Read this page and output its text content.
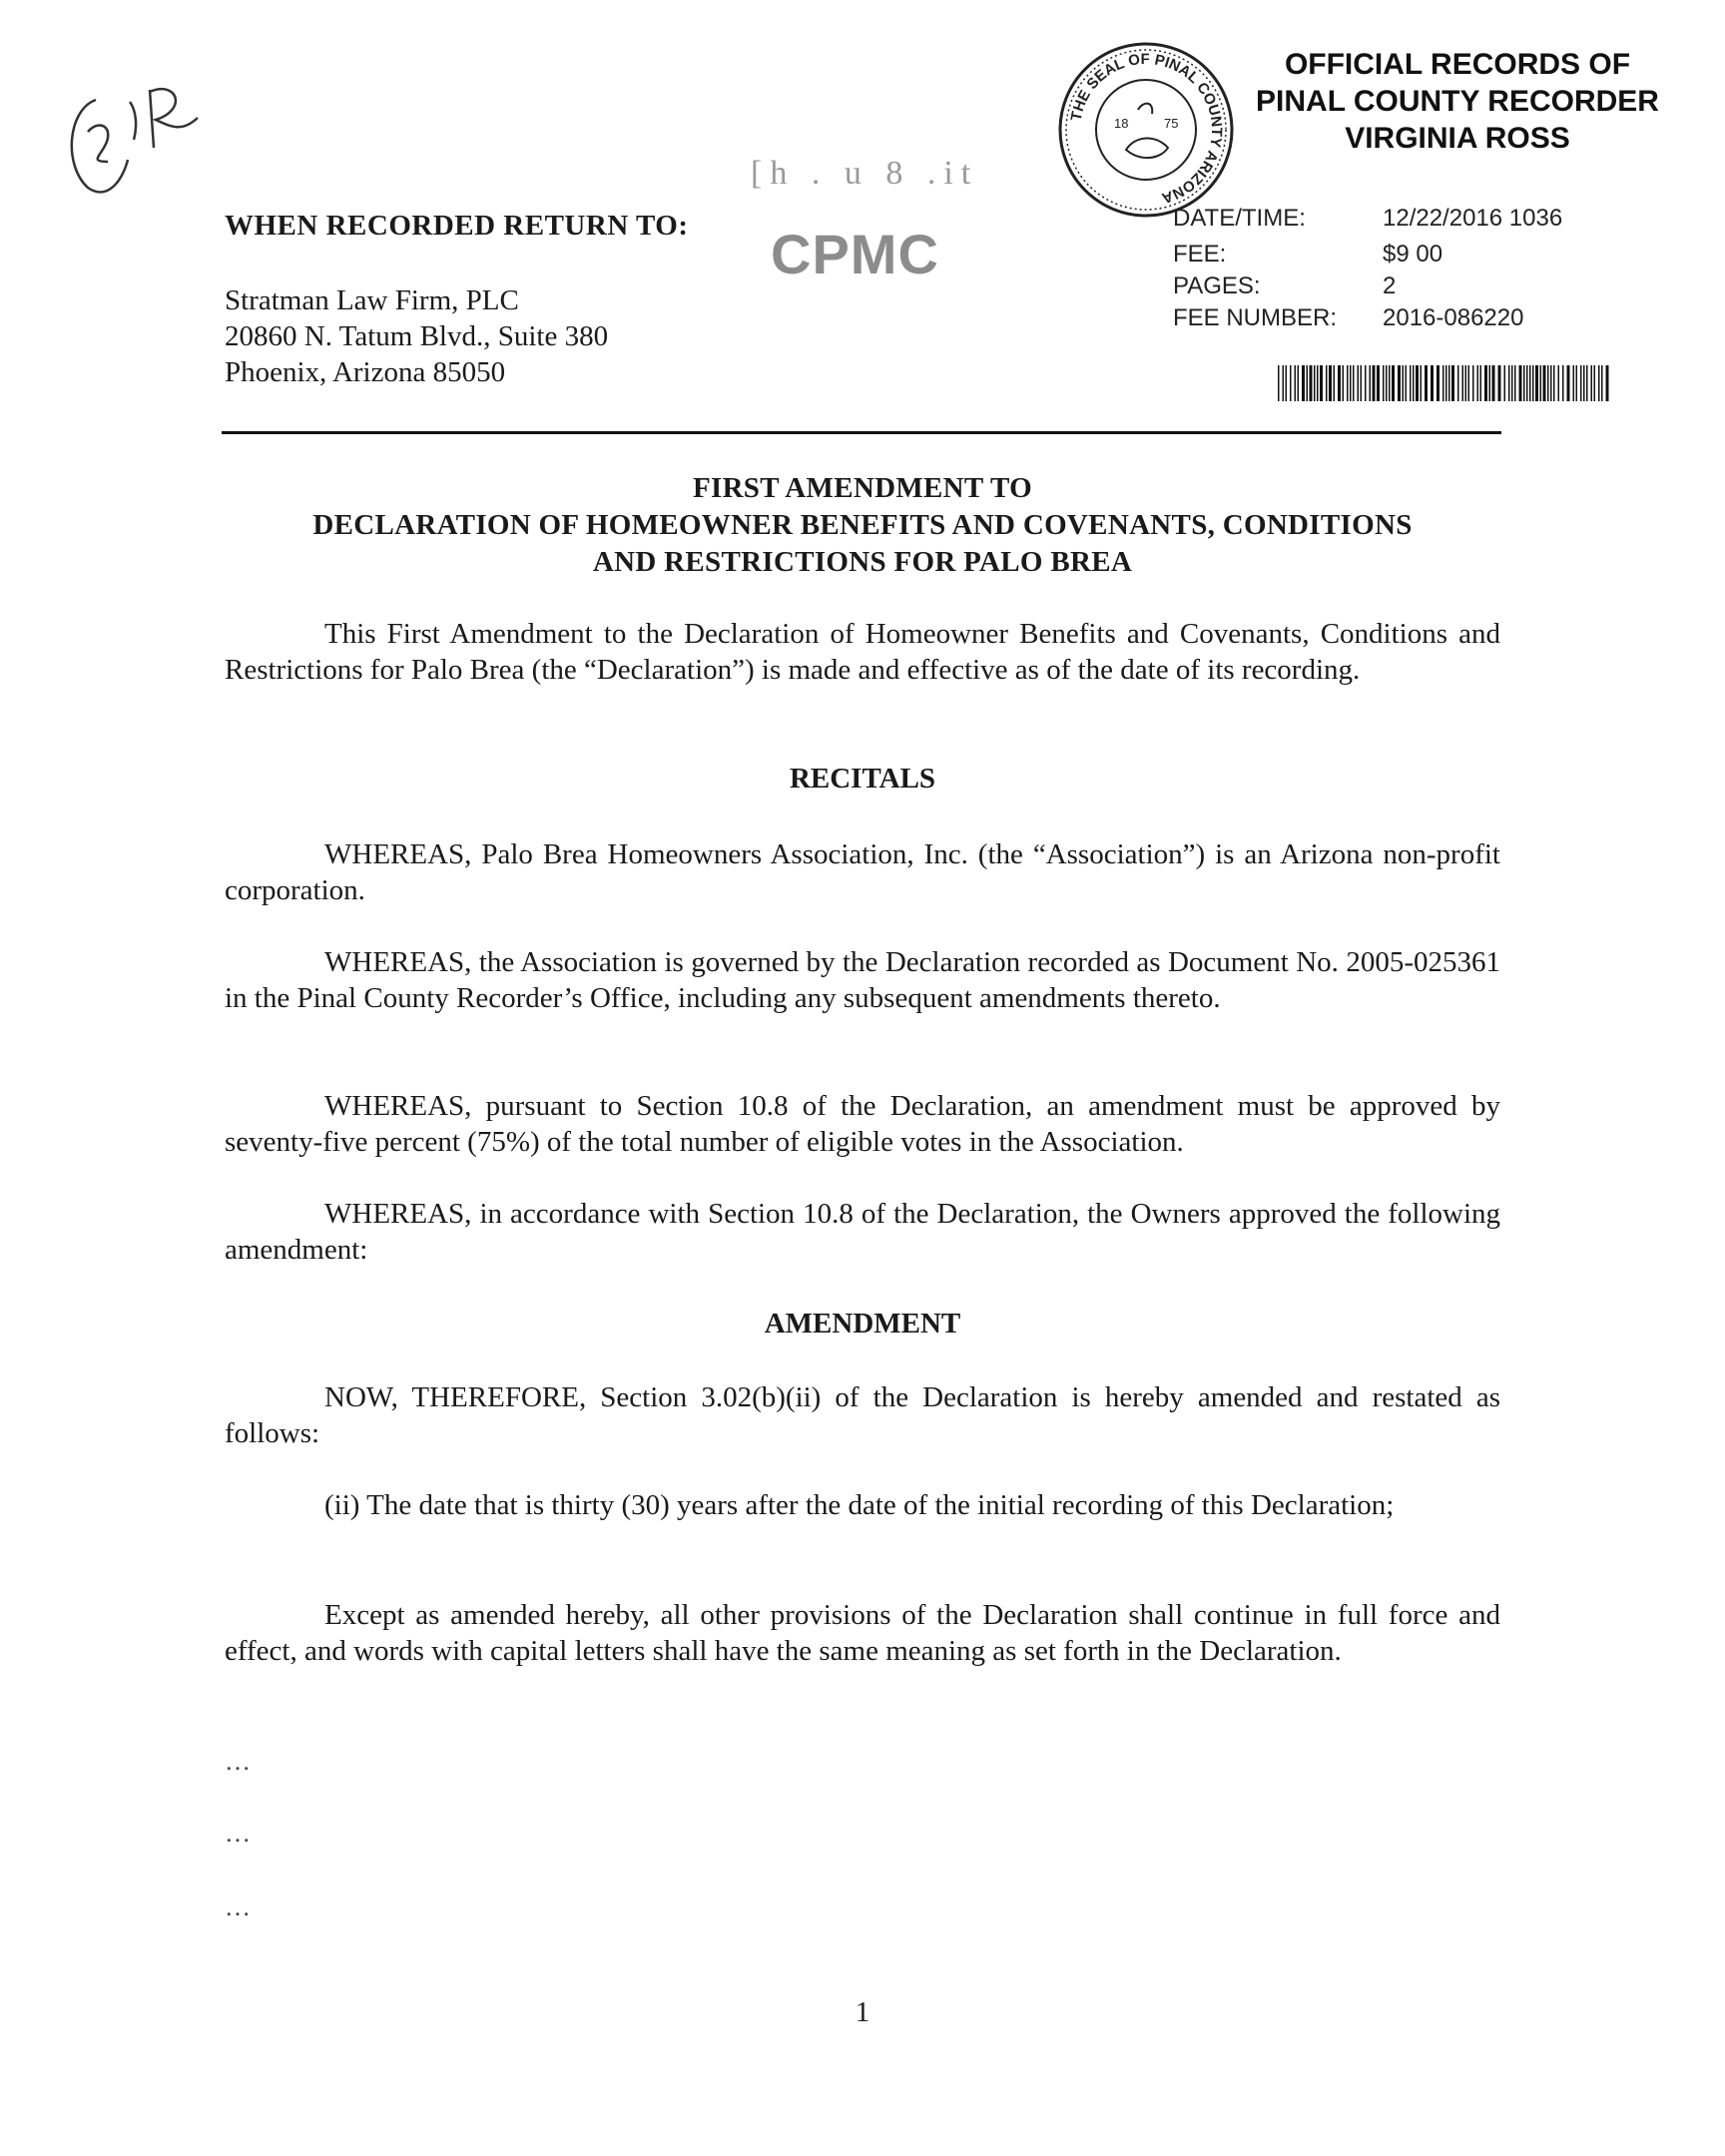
[h . u 8 .it
CPMC
WHEN RECORDED RETURN TO:
Stratman Law Firm, PLC
20860 N. Tatum Blvd., Suite 380
Phoenix, Arizona 85050
THE SEAL OF PINAL COUNTY ARIZONA
18	75
OFFICIAL RECORDS OF
PINAL COUNTY RECORDER
VIRGINIA ROSS
DATE/TIME:	12/22/2016 1036
FEE:	$9 00
PAGES:	2
FEE NUMBER: 2016-086220
FIRST AMENDMENT TO
DECLARATION OF HOMEOWNER BENEFITS AND COVENANTS, CONDITIONS
AND RESTRICTIONS FOR PALO BREA
This First Amendment to the Declaration of Homeowner Benefits and Covenants, Conditions and Restrictions for Palo Brea (the “Declaration”) is made and effective as of the date of its recording.
RECITALS
WHEREAS, Palo Brea Homeowners Association, Inc. (the “Association”) is an Arizona non-profit corporation.
WHEREAS, the Association is governed by the Declaration recorded as Document No. 2005-025361 in the Pinal County Recorder’s Office, including any subsequent amendments thereto.
WHEREAS, pursuant to Section 10.8 of the Declaration, an amendment must be approved by seventy-five percent (75%) of the total number of eligible votes in the Association.
WHEREAS, in accordance with Section 10.8 of the Declaration, the Owners approved the following amendment:
AMENDMENT
NOW, THEREFORE, Section 3.02(b)(ii) of the Declaration is hereby amended and restated as follows:
(ii) The date that is thirty (30) years after the date of the initial recording of this Declaration;
Except as amended hereby, all other provisions of the Declaration shall continue in full force and effect, and words with capital letters shall have the same meaning as set forth in the Declaration.
…
…
…
1
